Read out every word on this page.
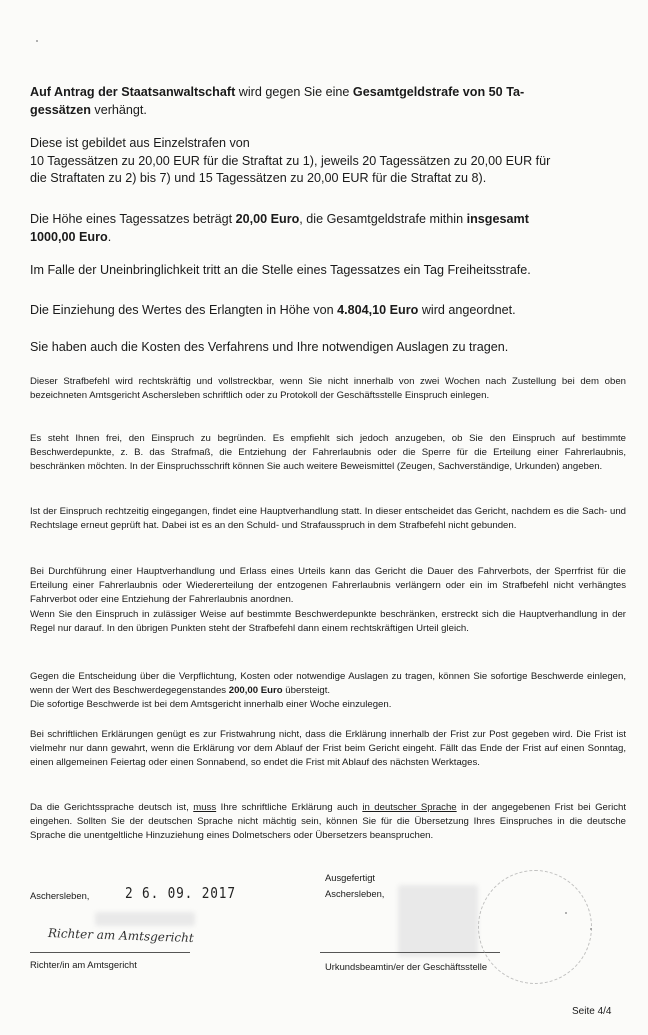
Auf Antrag der Staatsanwaltschaft wird gegen Sie eine Gesamtgeldstrafe von 50 Ta-
gessätzen verhängt.

Diese ist gebildet aus Einzelstrafen von
10 Tagessätzen zu 20,00 EUR für die Straftat zu 1), jeweils 20 Tagessätzen zu 20,00 EUR für
die Straftaten zu 2) bis 7) und 15 Tagessätzen zu 20,00 EUR für die Straftat zu 8).

Die Höhe eines Tagessatzes beträgt 20,00 Euro, die Gesamtgeldstrafe mithin insgesamt
1000,00 Euro.

Im Falle der Uneinbringlichkeit tritt an die Stelle eines Tagessatzes ein Tag Freiheitsstrafe.

Die Einziehung des Wertes des Erlangten in Höhe von 4.804,10 Euro wird angeordnet.

Sie haben auch die Kosten des Verfahrens und Ihre notwendigen Auslagen zu tragen.

Dieser Strafbefehl wird rechtskräftig und vollstreckbar, wenn Sie nicht innerhalb von zwei Wochen nach Zustellung bei dem oben bezeichneten Amtsgericht Aschersleben schriftlich oder zu Protokoll der Geschäftsstelle Einspruch einlegen.

Es steht Ihnen frei, den Einspruch zu begründen. Es empfiehlt sich jedoch anzugeben, ob Sie den Einspruch auf bestimmte Beschwerdepunkte, z. B. das Strafmaß, die Entziehung der Fahrerlaubnis oder die Sperre für die Erteilung einer Fahrerlaubnis, beschränken möchten. In der Einspruchsschrift können Sie auch weitere Beweismittel (Zeugen, Sachverständige, Urkunden) angeben.

Ist der Einspruch rechtzeitig eingegangen, findet eine Hauptverhandlung statt. In dieser entscheidet das Gericht, nachdem es die Sach- und Rechtslage erneut geprüft hat. Dabei ist es an den Schuld- und Strafausspruch in dem Strafbefehl nicht gebunden.

Bei Durchführung einer Hauptverhandlung und Erlass eines Urteils kann das Gericht die Dauer des Fahrverbots, der Sperrfrist für die Erteilung einer Fahrerlaubnis oder Wiedererteilung der entzogenen Fahrerlaubnis verlängern oder ein im Strafbefehl nicht verhängtes Fahrverbot oder eine Entziehung der Fahrerlaubnis anordnen.
Wenn Sie den Einspruch in zulässiger Weise auf bestimmte Beschwerdepunkte beschränken, erstreckt sich die Hauptverhandlung in der Regel nur darauf. In den übrigen Punkten steht der Strafbefehl dann einem rechtskräftigen Urteil gleich.

Gegen die Entscheidung über die Verpflichtung, Kosten oder notwendige Auslagen zu tragen, können Sie sofortige Beschwerde einlegen, wenn der Wert des Beschwerdegegenstandes 200,00 Euro übersteigt.
Die sofortige Beschwerde ist bei dem Amtsgericht innerhalb einer Woche einzulegen.

Bei schriftlichen Erklärungen genügt es zur Fristwahrung nicht, dass die Erklärung innerhalb der Frist zur Post gegeben wird. Die Frist ist vielmehr nur dann gewahrt, wenn die Erklärung vor dem Ablauf der Frist beim Gericht eingeht. Fällt das Ende der Frist auf einen Sonntag, einen allgemeinen Feiertag oder einen Sonnabend, so endet die Frist mit Ablauf des nächsten Werktages.

Da die Gerichtssprache deutsch ist, muss Ihre schriftliche Erklärung auch in deutscher Sprache in der angegebenen Frist bei Gericht eingehen. Sollten Sie der deutschen Sprache nicht mächtig sein, können Sie für die Übersetzung Ihres Einspruches in die deutsche Sprache die unentgeltliche Hinzuziehung eines Dolmetschers oder Übersetzers beanspruchen.

Aschersleben, 2 6. 09. 2017
Ausgefertigt
Aschersleben,
Richter am Amtsgericht
Richter/in am Amtsgericht	Urkundsbeamtin/er der Geschäftsstelle
Seite 4/4
